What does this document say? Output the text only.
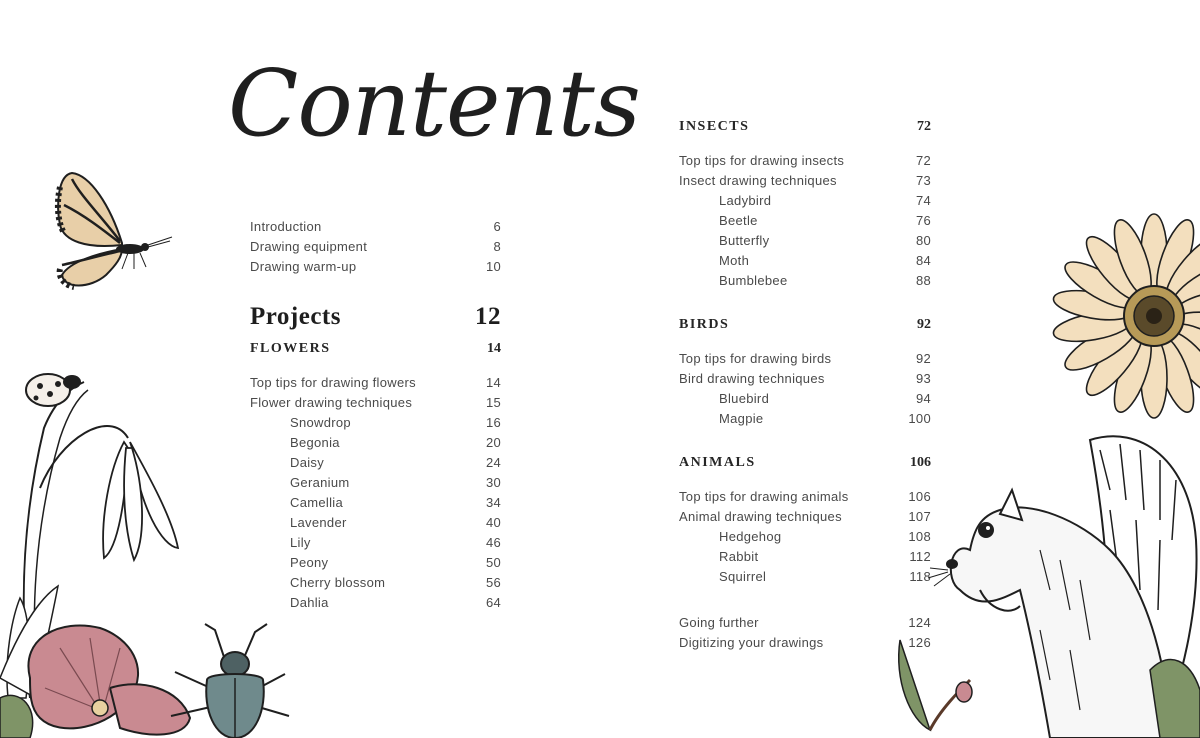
Contents
Introduction	6
Drawing equipment	8
Drawing warm-up	10
Projects	12
FLOWERS	14
Top tips for drawing flowers	14
Flower drawing techniques	15
Snowdrop	16
Begonia	20
Daisy	24
Geranium	30
Camellia	34
Lavender	40
Lily	46
Peony	50
Cherry blossom	56
Dahlia	64
INSECTS	72
Top tips for drawing insects	72
Insect drawing techniques	73
Ladybird	74
Beetle	76
Butterfly	80
Moth	84
Bumblebee	88
BIRDS	92
Top tips for drawing birds	92
Bird drawing techniques	93
Bluebird	94
Magpie	100
ANIMALS	106
Top tips for drawing animals	106
Animal drawing techniques	107
Hedgehog	108
Rabbit	112
Squirrel	118
Going further	124
Digitizing your drawings	126
